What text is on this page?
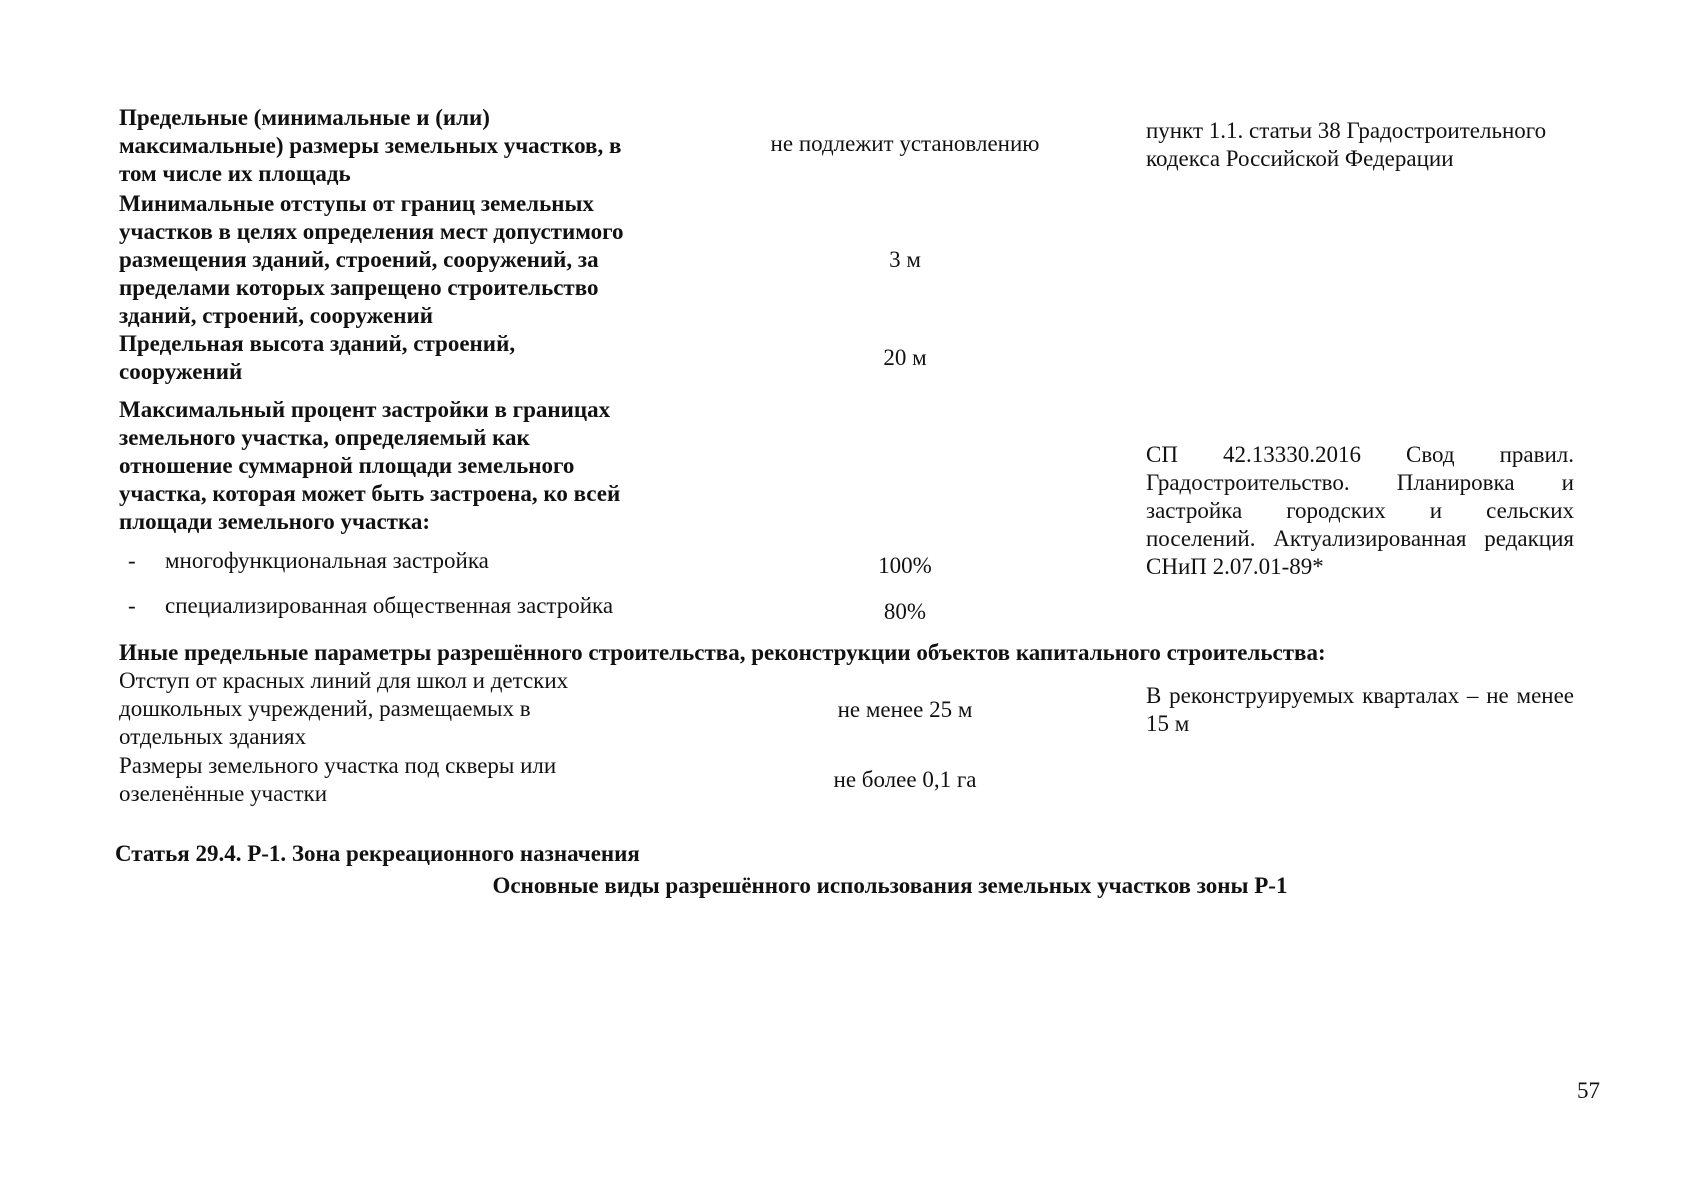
Предельные (минимальные и (или)
максимальные) размеры земельных участков, в
том числе их площадь

не подлежит установлению

пункт 1.1. статьи 38 Градостроительного
кодекса Российской Федерации

Минимальные отступы от границ земельных
участков в целях определения мест допустимого
размещения зданий, строений, сооружений, за
пределами которых запрещено строительство
зданий, строений, сооружений

3 м

Предельная высота зданий, строений,
сооружений

20 м

Максимальный процент застройки в границах
земельного участка, определяемый как
отношение суммарной площади земельного
участка, которая может быть застроена, ко всей
площади земельного участка:

СП 42.13330.2016 Свод правил. Градостроительство. Планировка и застройка городских и сельских поселений. Актуализированная редакция СНиП 2.07.01-89*

- многофункциональная застройка	100%

- специализированная общественная застройка	80%

Иные предельные параметры разрешённого строительства, реконструкции объектов капитального строительства:

Отступ от красных линий для школ и детских
дошкольных учреждений, размещаемых в
отдельных зданиях

не менее 25 м

В реконструируемых кварталах – не менее 15 м

Размеры земельного участка под скверы или
озеленённые участки

не более 0,1 га

Статья 29.4. Р-1. Зона рекреационного назначения

Основные виды разрешённого использования земельных участков зоны Р-1

57
